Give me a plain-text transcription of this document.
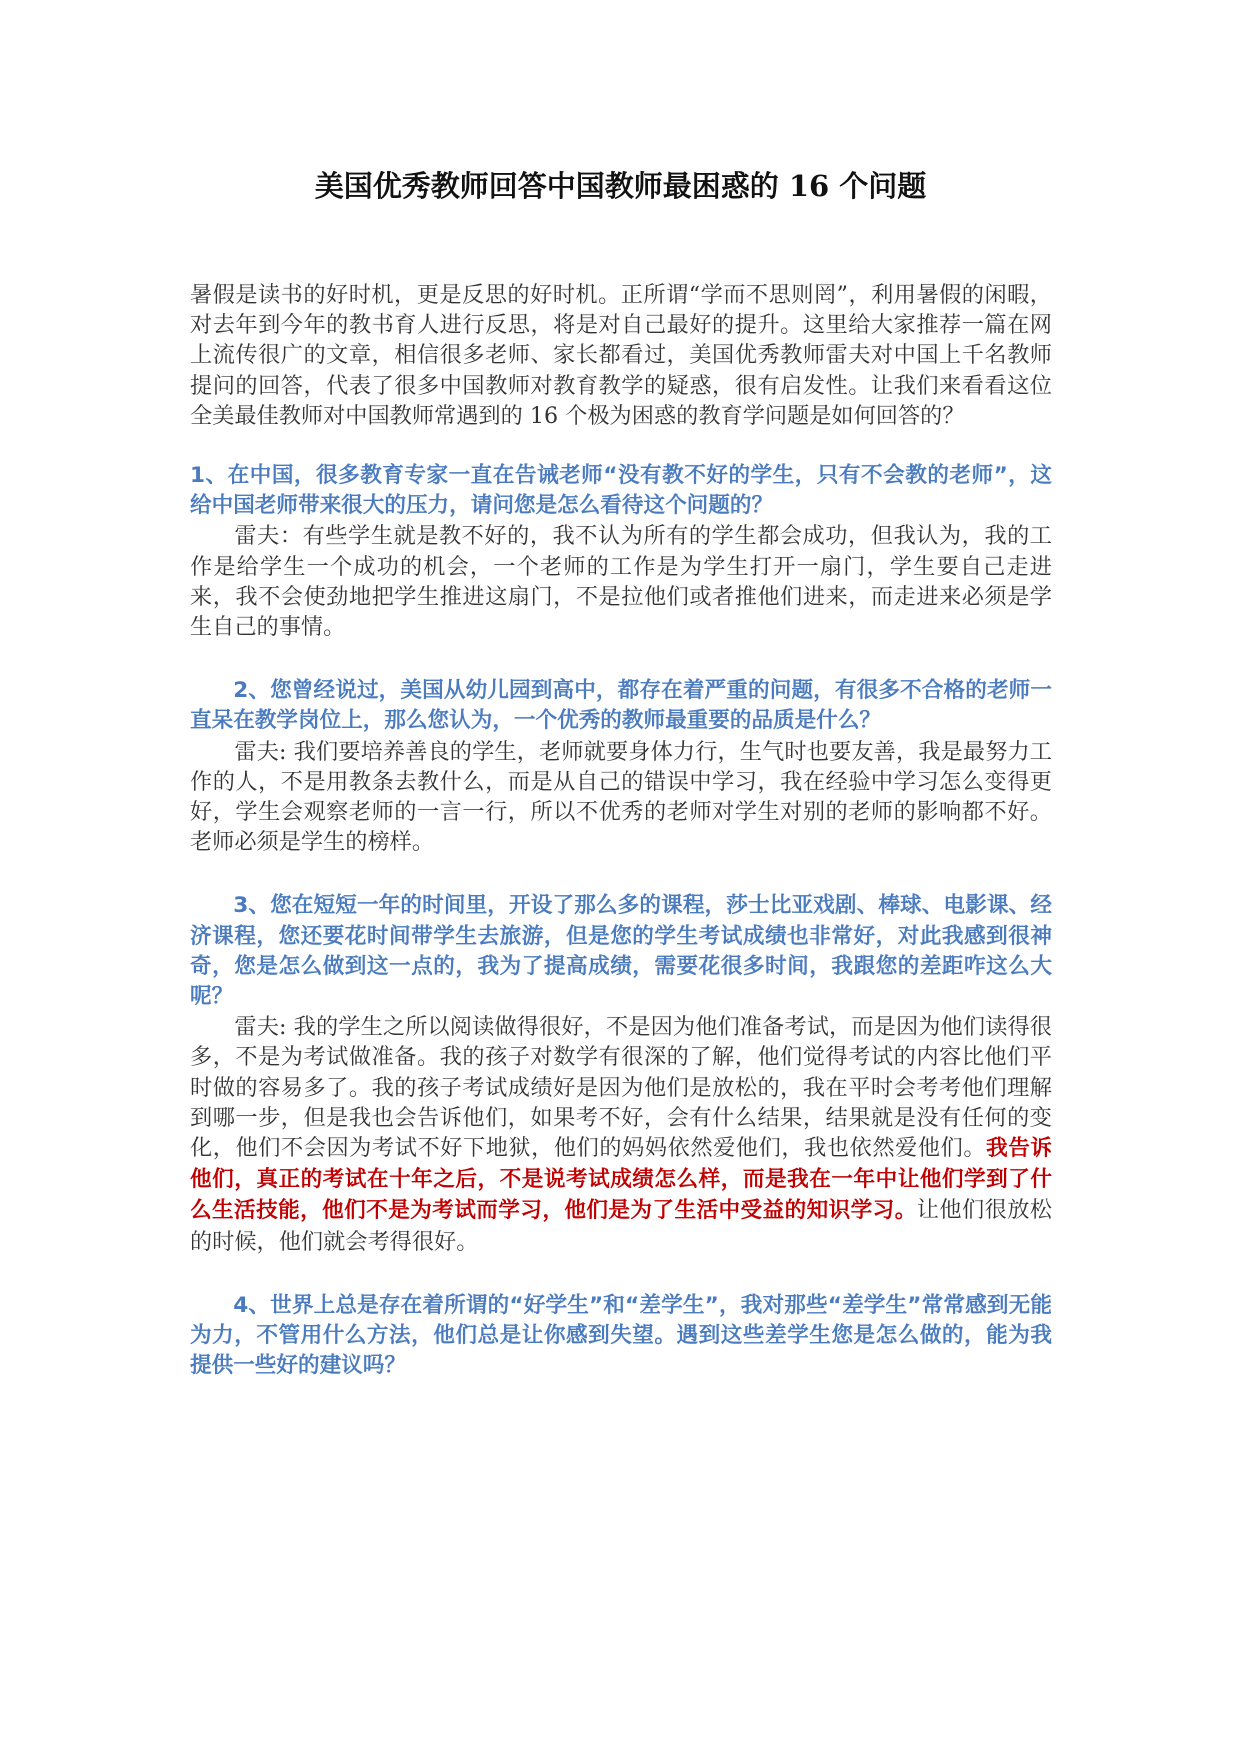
美国优秀教师回答中国教师最困惑的 16 个问题

暑假是读书的好时机，更是反思的好时机。正所谓“学而不思则罔”，利用暑假的闲暇，对去年到今年的教书育人进行反思，将是对自己最好的提升。这里给大家推荐一篇在网上流传很广的文章，相信很多老师、家长都看过，美国优秀教师雷夫对中国上千名教师提问的回答，代表了很多中国教师对教育教学的疑惑，很有启发性。让我们来看看这位全美最佳教师对中国教师常遇到的 16 个极为困惑的教育学问题是如何回答的？

1、在中国，很多教育专家一直在告诫老师“没有教不好的学生，只有不会教的老师”，这给中国老师带来很大的压力，请问您是怎么看待这个问题的？

雷夫：有些学生就是教不好的，我不认为所有的学生都会成功，但我认为，我的工作是给学生一个成功的机会，一个老师的工作是为学生打开一扇门，学生要自己走进来，我不会使劲地把学生推进这扇门，不是拉他们或者推他们进来，而走进来必须是学生自己的事情。

2、您曾经说过，美国从幼儿园到高中，都存在着严重的问题，有很多不合格的老师一直呆在教学岗位上，那么您认为，一个优秀的教师最重要的品质是什么？

雷夫: 我们要培养善良的学生，老师就要身体力行，生气时也要友善，我是最努力工作的人，不是用教条去教什么，而是从自己的错误中学习，我在经验中学习怎么变得更好，学生会观察老师的一言一行，所以不优秀的老师对学生对别的老师的影响都不好。老师必须是学生的榜样。

3、您在短短一年的时间里，开设了那么多的课程，莎士比亚戏剧、棒球、电影课、经济课程，您还要花时间带学生去旅游，但是您的学生考试成绩也非常好，对此我感到很神奇，您是怎么做到这一点的，我为了提高成绩，需要花很多时间，我跟您的差距咋这么大呢？

雷夫: 我的学生之所以阅读做得很好，不是因为他们准备考试，而是因为他们读得很多，不是为考试做准备。我的孩子对数学有很深的了解，他们觉得考试的内容比他们平时做的容易多了。我的孩子考试成绩好是因为他们是放松的，我在平时会考考他们理解到哪一步，但是我也会告诉他们，如果考不好，会有什么结果，结果就是没有任何的变化，他们不会因为考试不好下地狱，他们的妈妈依然爱他们，我也依然爱他们。我告诉他们，真正的考试在十年之后，不是说考试成绩怎么样，而是我在一年中让他们学到了什么生活技能，他们不是为考试而学习，他们是为了生活中受益的知识学习。让他们很放松的时候，他们就会考得很好。

4、世界上总是存在着所谓的“好学生”和“差学生”，我对那些“差学生”常常感到无能为力，不管用什么方法，他们总是让你感到失望。遇到这些差学生您是怎么做的，能为我提供一些好的建议吗？
